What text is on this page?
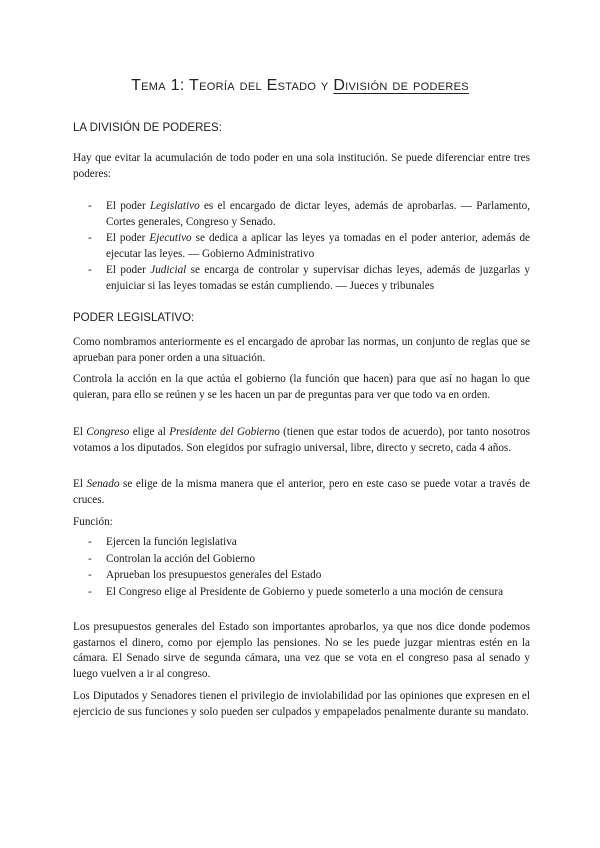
Tema 1: Teoría del Estado y División de poderes
LA DIVISIÓN DE PODERES:

Hay que evitar la acumulación de todo poder en una sola institución. Se puede diferenciar entre tres poderes:

- El poder Legislativo es el encargado de dictar leyes, además de aprobarlas. — Parlamento, Cortes generales, Congreso y Senado.
- El poder Ejecutivo se dedica a aplicar las leyes ya tomadas en el poder anterior, además de ejecutar las leyes. — Gobierno Administrativo
- El poder Judicial se encarga de controlar y supervisar dichas leyes, además de juzgarlas y enjuiciar si las leyes tomadas se están cumpliendo. — Jueces y tribunales
PODER LEGISLATIVO:

Como nombramos anteriormente es el encargado de aprobar las normas, un conjunto de reglas que se aprueban para poner orden a una situación.

Controla la acción en la que actúa el gobierno (la función que hacen) para que así no hagan lo que quieran, para ello se reúnen y se les hacen un par de preguntas para ver que todo va en orden.

El Congreso elige al Presidente del Gobierno (tienen que estar todos de acuerdo), por tanto nosotros votamos a los diputados. Son elegidos por sufragio universal, libre, directo y secreto, cada 4 años.

El Senado se elige de la misma manera que el anterior, pero en este caso se puede votar a través de cruces.

Función:

- Ejercen la función legislativa
- Controlan la acción del Gobierno
- Aprueban los presupuestos generales del Estado
- El Congreso elige al Presidente de Gobierno y puede someterlo a una moción de censura

Los presupuestos generales del Estado son importantes aprobarlos, ya que nos dice donde podemos gastarnos el dinero, como por ejemplo las pensiones. No se les puede juzgar mientras estén en la cámara. El Senado sirve de segunda cámara, una vez que se vota en el congreso pasa al senado y luego vuelven a ir al congreso.

Los Diputados y Senadores tienen el privilegio de inviolabilidad por las opiniones que expresen en el ejercicio de sus funciones y solo pueden ser culpados y empapelados penalmente durante su mandato.
